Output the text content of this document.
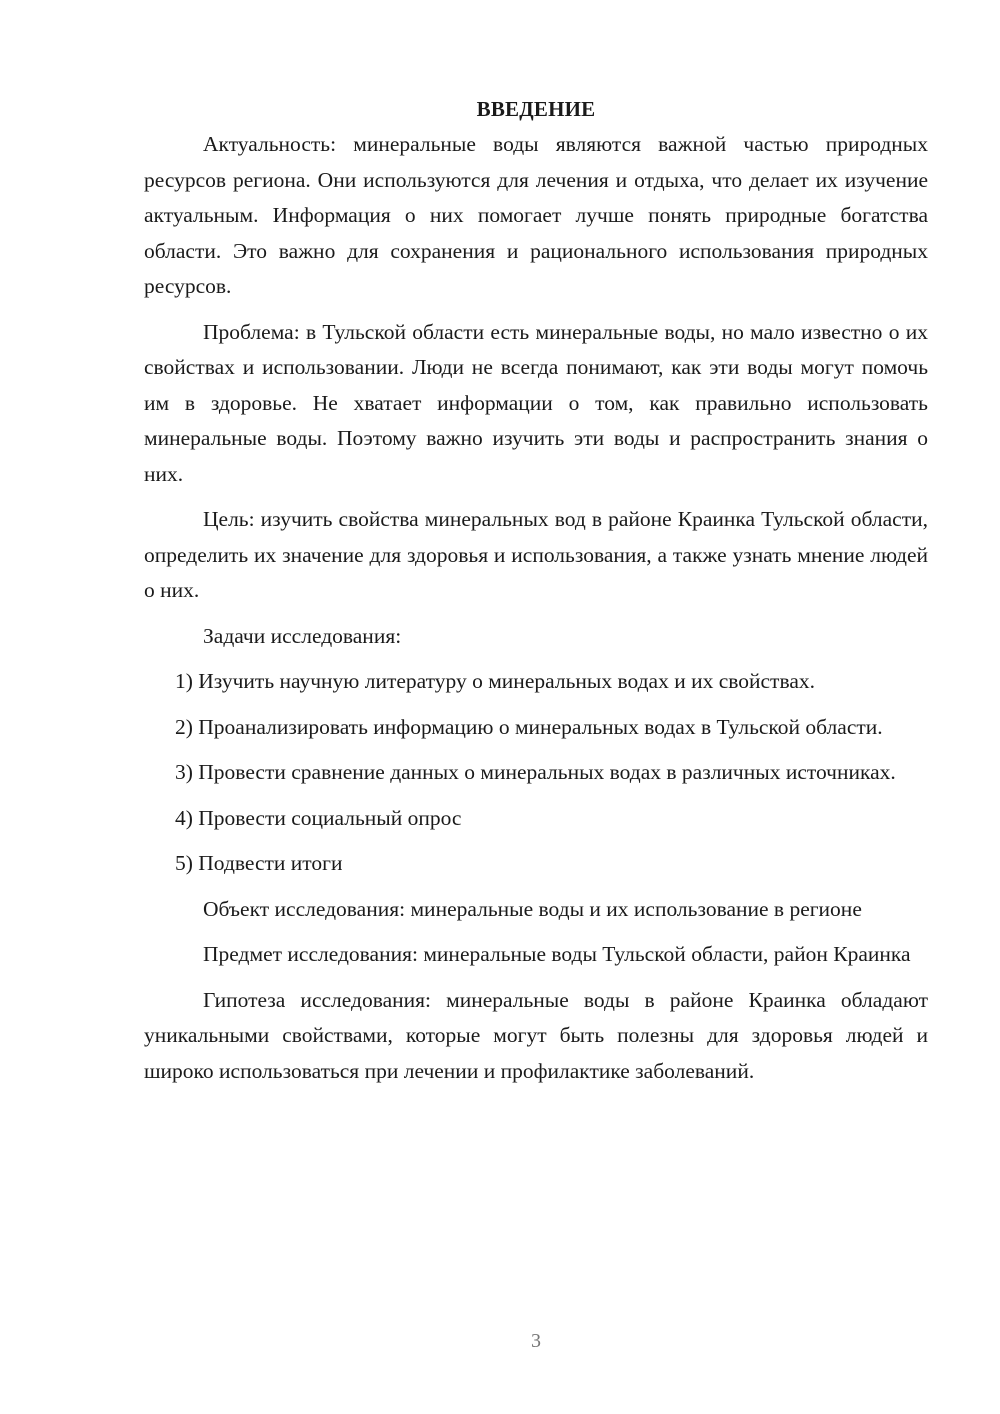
ВВЕДЕНИЕ

Актуальность: минеральные воды являются важной частью природных ресурсов региона. Они используются для лечения и отдыха, что делает их изучение актуальным. Информация о них помогает лучше понять природные богатства области. Это важно для сохранения и рационального использования природных ресурсов.

Проблема: в Тульской области есть минеральные воды, но мало известно о их свойствах и использовании. Люди не всегда понимают, как эти воды могут помочь им в здоровье. Не хватает информации о том, как правильно использовать минеральные воды. Поэтому важно изучить эти воды и распространить знания о них.

Цель: изучить свойства минеральных вод в районе Краинка Тульской области, определить их значение для здоровья и использования, а также узнать мнение людей о них.

Задачи исследования:

1) Изучить научную литературу о минеральных водах и их свойствах.

2) Проанализировать информацию о минеральных водах в Тульской области.

3) Провести сравнение данных о минеральных водах в различных источниках.

4) Провести социальный опрос

5) Подвести итоги

Объект исследования: минеральные воды и их использование в регионе

Предмет исследования: минеральные воды Тульской области, район Краинка

Гипотеза исследования: минеральные воды в районе Краинка обладают уникальными свойствами, которые могут быть полезны для здоровья людей и широко использоваться при лечении и профилактике заболеваний.

3
